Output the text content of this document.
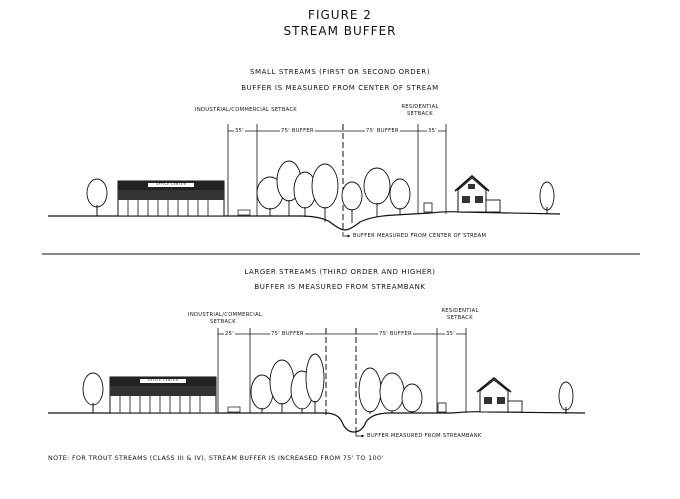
FIGURE 2
STREAM BUFFER
SMALL STREAMS (FIRST OR SECOND ORDER)
BUFFER IS MEASURED FROM CENTER OF STREAM
INDUSTRIAL/COMMERCIAL SETBACK	RESIDENTIAL SETBACK
LARGER STREAMS (THIRD ORDER AND HIGHER)
BUFFER IS MEASURED FROM STREAMBANK
INDUSTRIAL/COMMERCIAL SETBACK
RESIDENTIAL SETBACK
NOTE: FOR TROUT STREAMS (CLASS III & IV), STREAM BUFFER IS INCREASED FROM 75' TO 100'
35'	75' BUFFER	75' BUFFER	35'
BUFFER MEASURED FROM CENTER OF STREAM
25'	75' BUFFER	75' BUFFER	35'
BUFFER MEASURED FROM STREAMBANK
OFFICE CENTER
OFFICE CENTER
